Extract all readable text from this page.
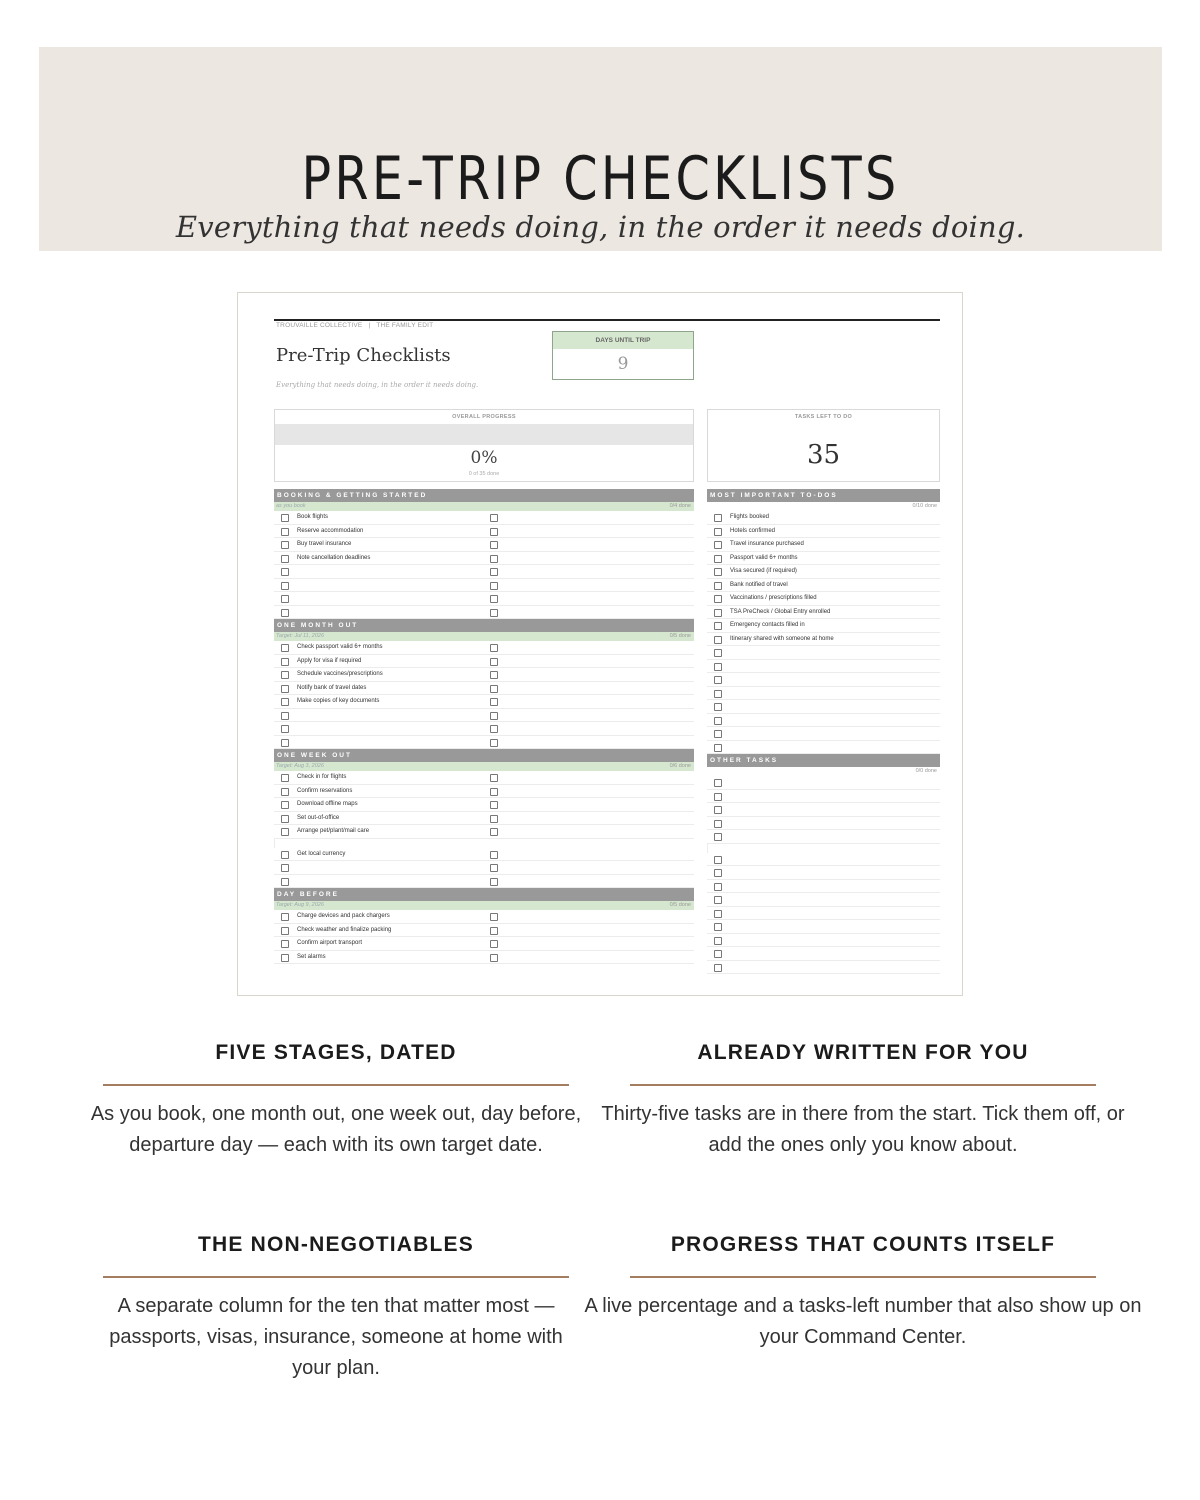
PRE-TRIP CHECKLISTS
Everything that needs doing, in the order it needs doing.
TROUVAILLE COLLECTIVE | THE FAMILY EDIT
Pre-Trip Checklists
Everything that needs doing, in the order it needs doing.
DAYS UNTIL TRIP
9
OVERALL PROGRESS
0%
0 of 35 done
TASKS LEFT TO DO
35
BOOKING & GETTING STARTED
as you book	0/4 done
Book flights
Reserve accommodation
Buy travel insurance
Note cancellation deadlines
ONE MONTH OUT
Target: Jul 11, 2026	0/5 done
Check passport valid 6+ months
Apply for visa if required
Schedule vaccines/prescriptions
Notify bank of travel dates
Make copies of key documents
ONE WEEK OUT
Target: Aug 3, 2026	0/6 done
Check in for flights
Confirm reservations
Download offline maps
Set out-of-office
Arrange pet/plant/mail care
Get local currency
DAY BEFORE
Target: Aug 9, 2026	0/5 done
Charge devices and pack chargers
Check weather and finalize packing
Confirm airport transport
Set alarms
MOST IMPORTANT TO-DOS
0/10 done
Flights booked
Hotels confirmed
Travel insurance purchased
Passport valid 6+ months
Visa secured (if required)
Bank notified of travel
Vaccinations / prescriptions filled
TSA PreCheck / Global Entry enrolled
Emergency contacts filled in
Itinerary shared with someone at home
OTHER TASKS
0/0 done
FIVE STAGES, DATED
As you book, one month out, one week out, day before, departure day — each with its own target date.
ALREADY WRITTEN FOR YOU
Thirty-five tasks are in there from the start. Tick them off, or add the ones only you know about.
THE NON-NEGOTIABLES
A separate column for the ten that matter most — passports, visas, insurance, someone at home with your plan.
PROGRESS THAT COUNTS ITSELF
A live percentage and a tasks-left number that also show up on your Command Center.
